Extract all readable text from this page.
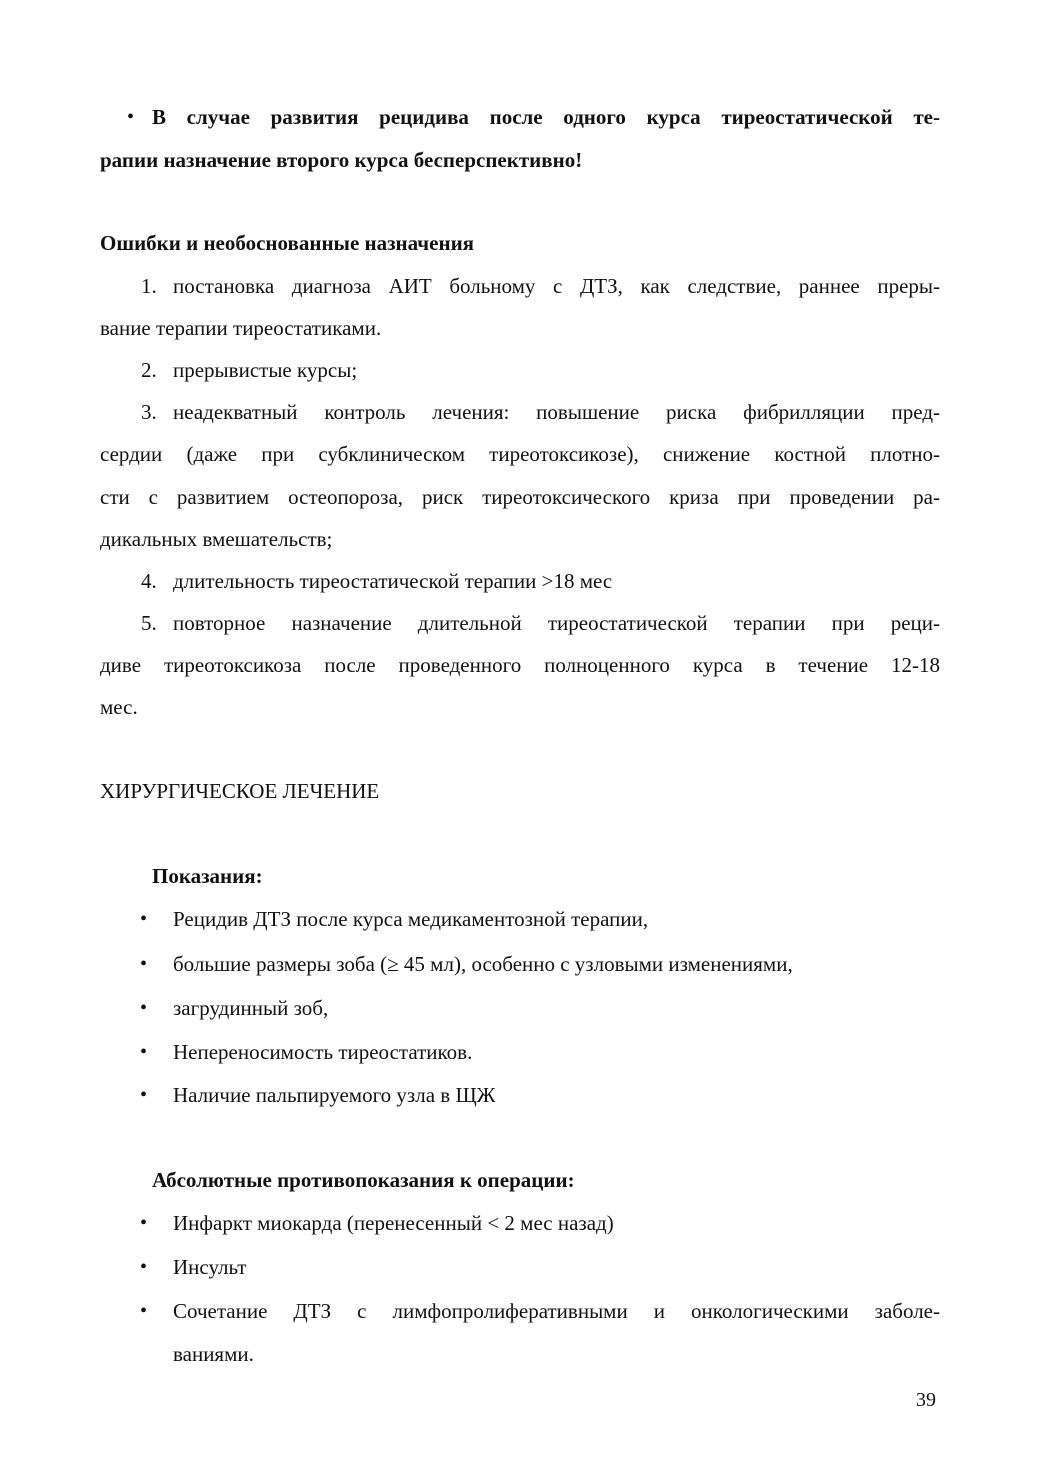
• В случае развития рецидива после одного курса тиреостатической те-
рапии назначение второго курса бесперспективно!
Ошибки и необоснованные назначения
1. постановка диагноза АИТ больному с ДТЗ, как следствие, раннее преры-
вание терапии тиреостатиками.
2. прерывистые курсы;
3. неадекватный контроль лечения: повышение риска фибрилляции пред-
сердии (даже при субклиническом тиреотоксикозе), снижение костной плотно-
сти с развитием остеопороза, риск тиреотоксического криза при проведении ра-
дикальных вмешательств;
4. длительность тиреостатической терапии >18 мес
5. повторное назначение длительной тиреостатической терапии при реци-
диве тиреотоксикоза после проведенного полноценного курса в течение 12-18
мес.
ХИРУРГИЧЕСКОЕ ЛЕЧЕНИЕ
Показания:
• Рецидив ДТЗ после курса медикаментозной терапии,
• большие размеры зоба (≥ 45 мл), особенно с узловыми изменениями,
• загрудинный зоб,
• Непереносимость тиреостатиков.
• Наличие пальпируемого узла в ЩЖ
Абсолютные противопоказания к операции:
• Инфаркт миокарда (перенесенный < 2 мес назад)
• Инсульт
• Сочетание ДТЗ с лимфопролиферативными и онкологическими заболе-
ваниями.
39
